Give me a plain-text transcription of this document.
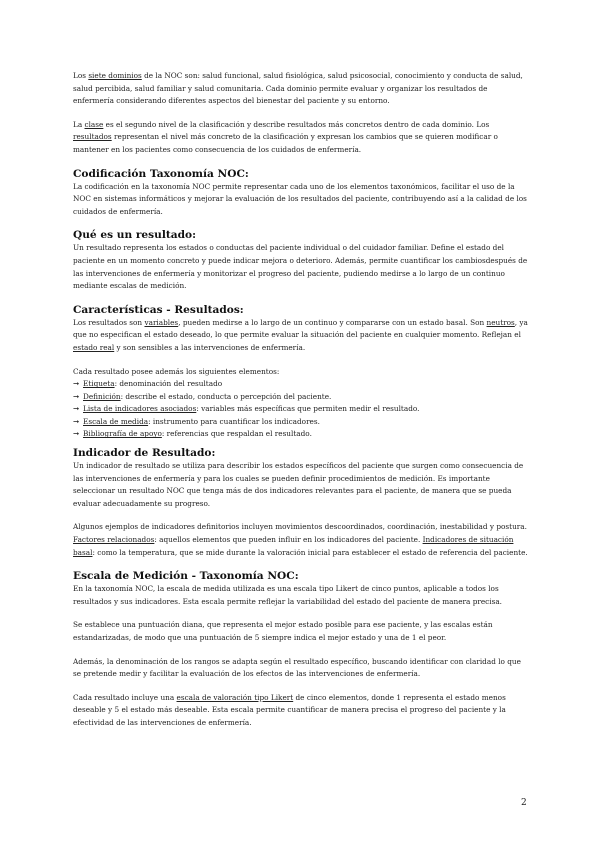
Los siete dominios de la NOC son: salud funcional, salud fisiológica, salud psicosocial, conocimiento y conducta de salud, salud percibida, salud familiar y salud comunitaria. Cada dominio permite evaluar y organizar los resultados de enfermería considerando diferentes aspectos del bienestar del paciente y su entorno.

La clase es el segundo nivel de la clasificación y describe resultados más concretos dentro de cada dominio. Los resultados representan el nivel más concreto de la clasificación y expresan los cambios que se quieren modificar o mantener en los pacientes como consecuencia de los cuidados de enfermería.

Codificación Taxonomía NOC:

La codificación en la taxonomía NOC permite representar cada uno de los elementos taxonómicos, facilitar el uso de la NOC en sistemas informáticos y mejorar la evaluación de los resultados del paciente, contribuyendo así a la calidad de los cuidados de enfermería.

Qué es un resultado:

Un resultado representa los estados o conductas del paciente individual o del cuidador familiar. Define el estado del paciente en un momento concreto y puede indicar mejora o deterioro. Además, permite cuantificar los cambiosdespués de las intervenciones de enfermería y monitorizar el progreso del paciente, pudiendo medirse a lo largo de un continuo mediante escalas de medición.

Características - Resultados:

Los resultados son variables, pueden medirse a lo largo de un continuo y compararse con un estado basal. Son neutros, ya que no especifican el estado deseado, lo que permite evaluar la situación del paciente en cualquier momento. Reflejan el estado real y son sensibles a las intervenciones de enfermería.

Cada resultado posee además los siguientes elementos:

➞ Etiqueta: denominación del resultado
➞ Definición: describe el estado, conducta o percepción del paciente.
➞ Lista de indicadores asociados: variables más específicas que permiten medir el resultado.
➞ Escala de medida: instrumento para cuantificar los indicadores.
➞ Bibliografía de apoyo: referencias que respaldan el resultado.
Indicador de Resultado:

Un indicador de resultado se utiliza para describir los estados específicos del paciente que surgen como consecuencia de las intervenciones de enfermería y para los cuales se pueden definir procedimientos de medición. Es importante seleccionar un resultado NOC que tenga más de dos indicadores relevantes para el paciente, de manera que se pueda evaluar adecuadamente su progreso.

Algunos ejemplos de indicadores definitorios incluyen movimientos descoordinados, coordinación, inestabilidad y postura. Factores relacionados: aquellos elementos que pueden influir en los indicadores del paciente. Indicadores de situación basal: como la temperatura, que se mide durante la valoración inicial para establecer el estado de referencia del paciente.

Escala de Medición - Taxonomía NOC:

En la taxonomía NOC, la escala de medida utilizada es una escala tipo Likert de cinco puntos, aplicable a todos los resultados y sus indicadores. Esta escala permite reflejar la variabilidad del estado del paciente de manera precisa.

Se establece una puntuación diana, que representa el mejor estado posible para ese paciente, y las escalas están estandarizadas, de modo que una puntuación de 5 siempre indica el mejor estado y una de 1 el peor.

Además, la denominación de los rangos se adapta según el resultado específico, buscando identificar con claridad lo que se pretende medir y facilitar la evaluación de los efectos de las intervenciones de enfermería.

Cada resultado incluye una escala de valoración tipo Likert de cinco elementos, donde 1 representa el estado menos deseable y 5 el estado más deseable. Esta escala permite cuantificar de manera precisa el progreso del paciente y la efectividad de las intervenciones de enfermería.

2
